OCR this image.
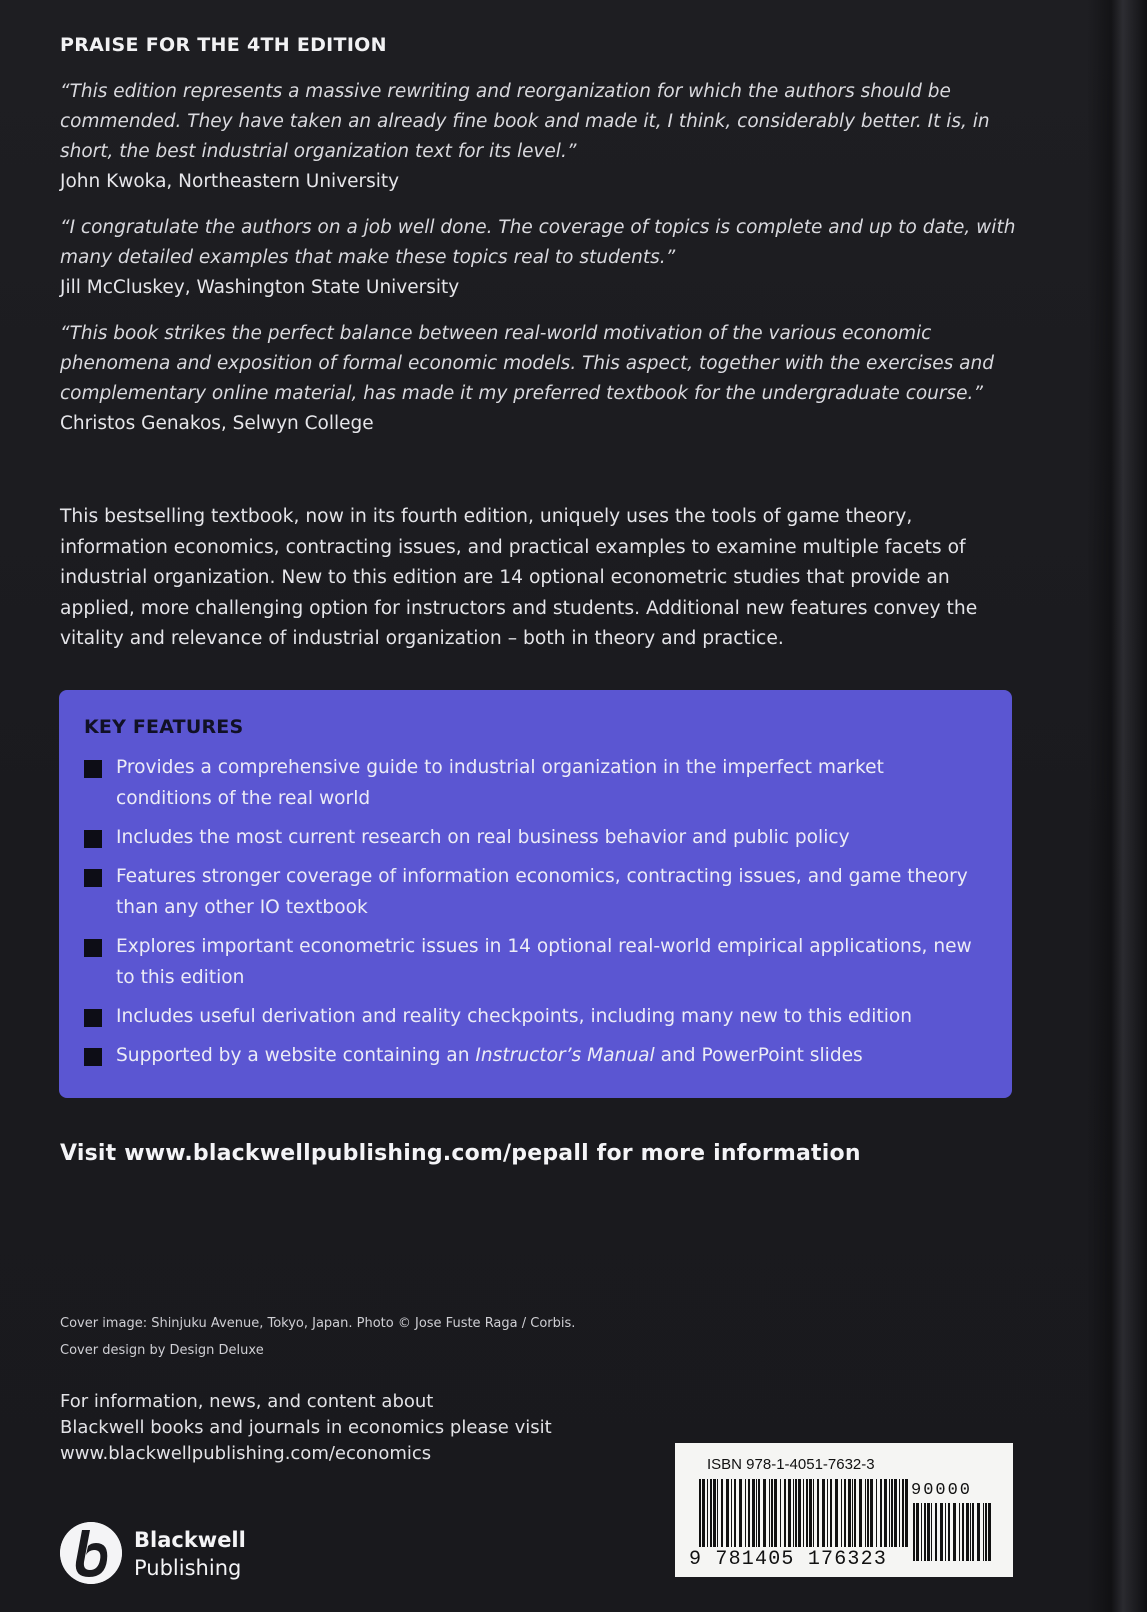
PRAISE FOR THE 4TH EDITION
“This edition represents a massive rewriting and reorganization for which the authors should be commended. They have taken an already fine book and made it, I think, considerably better. It is, in short, the best industrial organization text for its level.”
John Kwoka, Northeastern University
“I congratulate the authors on a job well done. The coverage of topics is complete and up to date, with many detailed examples that make these topics real to students.”
Jill McCluskey, Washington State University
“This book strikes the perfect balance between real-world motivation of the various economic phenomena and exposition of formal economic models. This aspect, together with the exercises and complementary online material, has made it my preferred textbook for the undergraduate course.”
Christos Genakos, Selwyn College
This bestselling textbook, now in its fourth edition, uniquely uses the tools of game theory, information economics, contracting issues, and practical examples to examine multiple facets of industrial organization. New to this edition are 14 optional econometric studies that provide an applied, more challenging option for instructors and students. Additional new features convey the vitality and relevance of industrial organization – both in theory and practice.
KEY FEATURES
Provides a comprehensive guide to industrial organization in the imperfect market conditions of the real world
Includes the most current research on real business behavior and public policy
Features stronger coverage of information economics, contracting issues, and game theory than any other IO textbook
Explores important econometric issues in 14 optional real-world empirical applications, new to this edition
Includes useful derivation and reality checkpoints, including many new to this edition
Supported by a website containing an Instructor’s Manual and PowerPoint slides
Visit www.blackwellpublishing.com/pepall for more information
Cover image: Shinjuku Avenue, Tokyo, Japan. Photo © Jose Fuste Raga / Corbis.
Cover design by Design Deluxe
For information, news, and content about
Blackwell books and journals in economics please visit
www.blackwellpublishing.com/economics
Blackwell
Publishing
ISBN 978-1-4051-7632-3
90000
9 781405 176323
